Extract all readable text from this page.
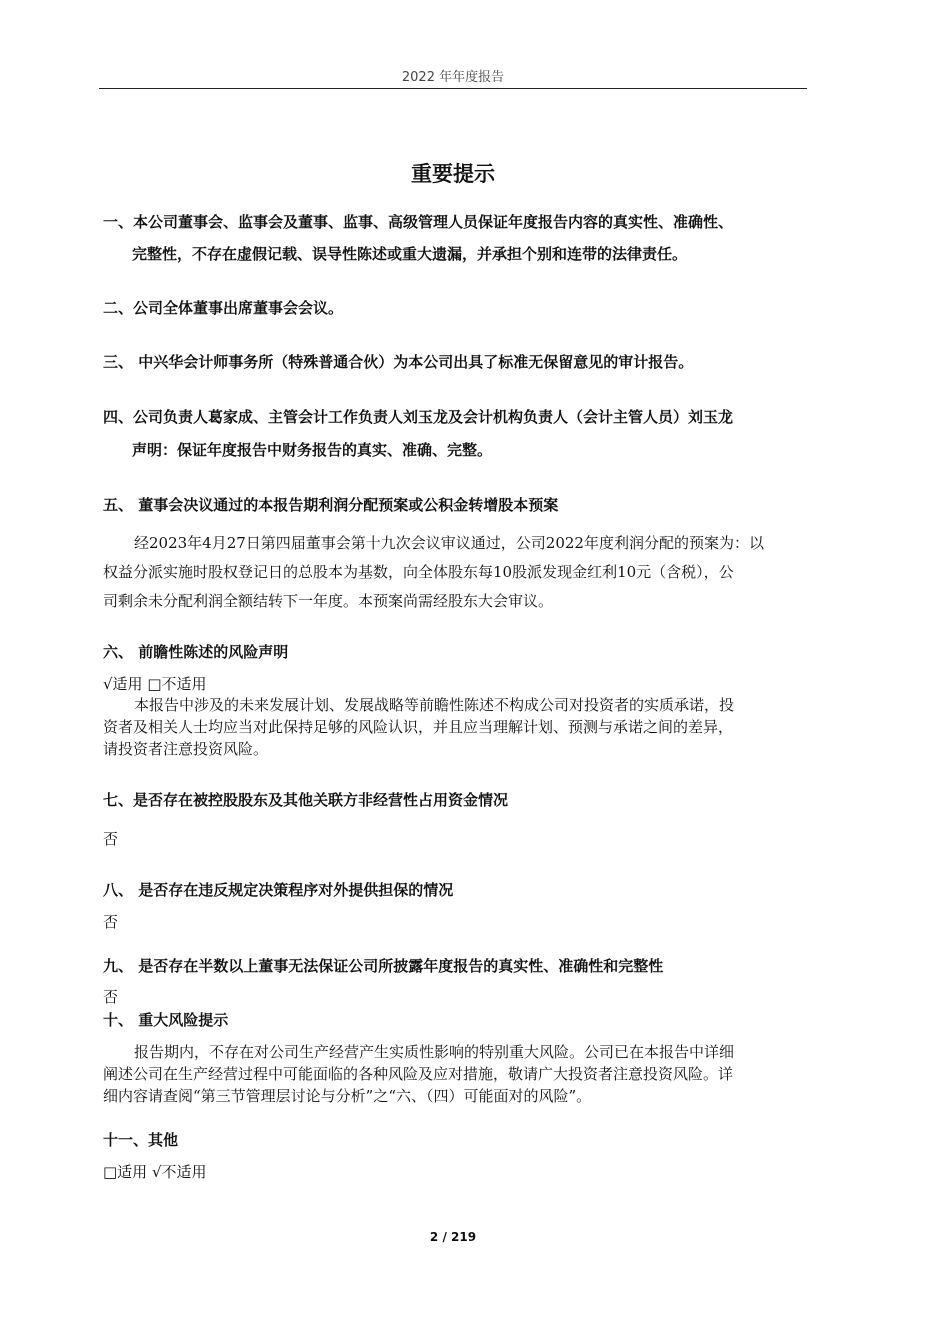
2022 年年度报告
重要提示
一、本公司董事会、监事会及董事、监事、高级管理人员保证年度报告内容的真实性、准确性、
完整性，不存在虚假记载、误导性陈述或重大遗漏，并承担个别和连带的法律责任。
二、公司全体董事出席董事会会议。
三、 中兴华会计师事务所（特殊普通合伙）为本公司出具了标准无保留意见的审计报告。
四、公司负责人葛家成、主管会计工作负责人刘玉龙及会计机构负责人（会计主管人员）刘玉龙
声明：保证年度报告中财务报告的真实、准确、完整。
五、 董事会决议通过的本报告期利润分配预案或公积金转增股本预案
经2023年4月27日第四届董事会第十九次会议审议通过，公司2022年度利润分配的预案为：以
权益分派实施时股权登记日的总股本为基数，向全体股东每10股派发现金红利10元（含税），公
司剩余未分配利润全额结转下一年度。本预案尚需经股东大会审议。
六、 前瞻性陈述的风险声明
√适用 □不适用
本报告中涉及的未来发展计划、发展战略等前瞻性陈述不构成公司对投资者的实质承诺，投
资者及相关人士均应当对此保持足够的风险认识，并且应当理解计划、预测与承诺之间的差异，
请投资者注意投资风险。
七、是否存在被控股股东及其他关联方非经营性占用资金情况
否
八、 是否存在违反规定决策程序对外提供担保的情况
否
九、 是否存在半数以上董事无法保证公司所披露年度报告的真实性、准确性和完整性
否
十、 重大风险提示
报告期内，不存在对公司生产经营产生实质性影响的特别重大风险。公司已在本报告中详细
阐述公司在生产经营过程中可能面临的各种风险及应对措施，敬请广大投资者注意投资风险。详
细内容请查阅“第三节管理层讨论与分析”之“六、（四）可能面对的风险”。
十一、其他
□适用 √不适用
2 / 219
